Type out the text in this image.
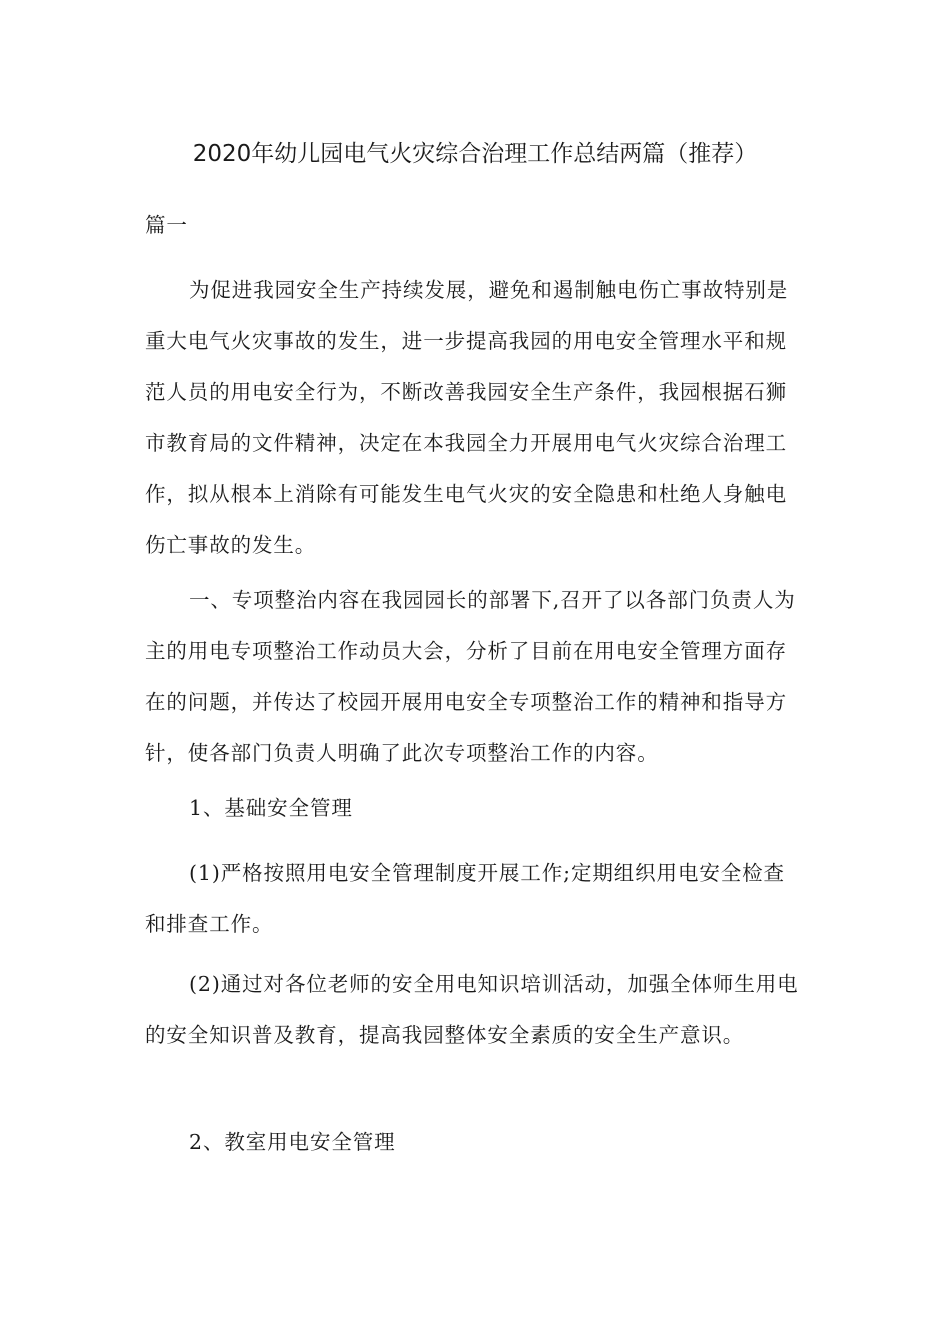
2020年幼儿园电气火灾综合治理工作总结两篇（推荐）

篇一

为促进我园安全生产持续发展，避免和遏制触电伤亡事故特别是重大电气火灾事故的发生，进一步提高我园的用电安全管理水平和规范人员的用电安全行为，不断改善我园安全生产条件，我园根据石狮市教育局的文件精神，决定在本我园全力开展用电气火灾综合治理工作，拟从根本上消除有可能发生电气火灾的安全隐患和杜绝人身触电伤亡事故的发生。

一、专项整治内容在我园园长的部署下,召开了以各部门负责人为主的用电专项整治工作动员大会，分析了目前在用电安全管理方面存在的问题，并传达了校园开展用电安全专项整治工作的精神和指导方针，使各部门负责人明确了此次专项整治工作的内容。

1、基础安全管理

(1)严格按照用电安全管理制度开展工作;定期组织用电安全检查和排查工作。

(2)通过对各位老师的安全用电知识培训活动，加强全体师生用电的安全知识普及教育，提高我园整体安全素质的安全生产意识。

2、教室用电安全管理
